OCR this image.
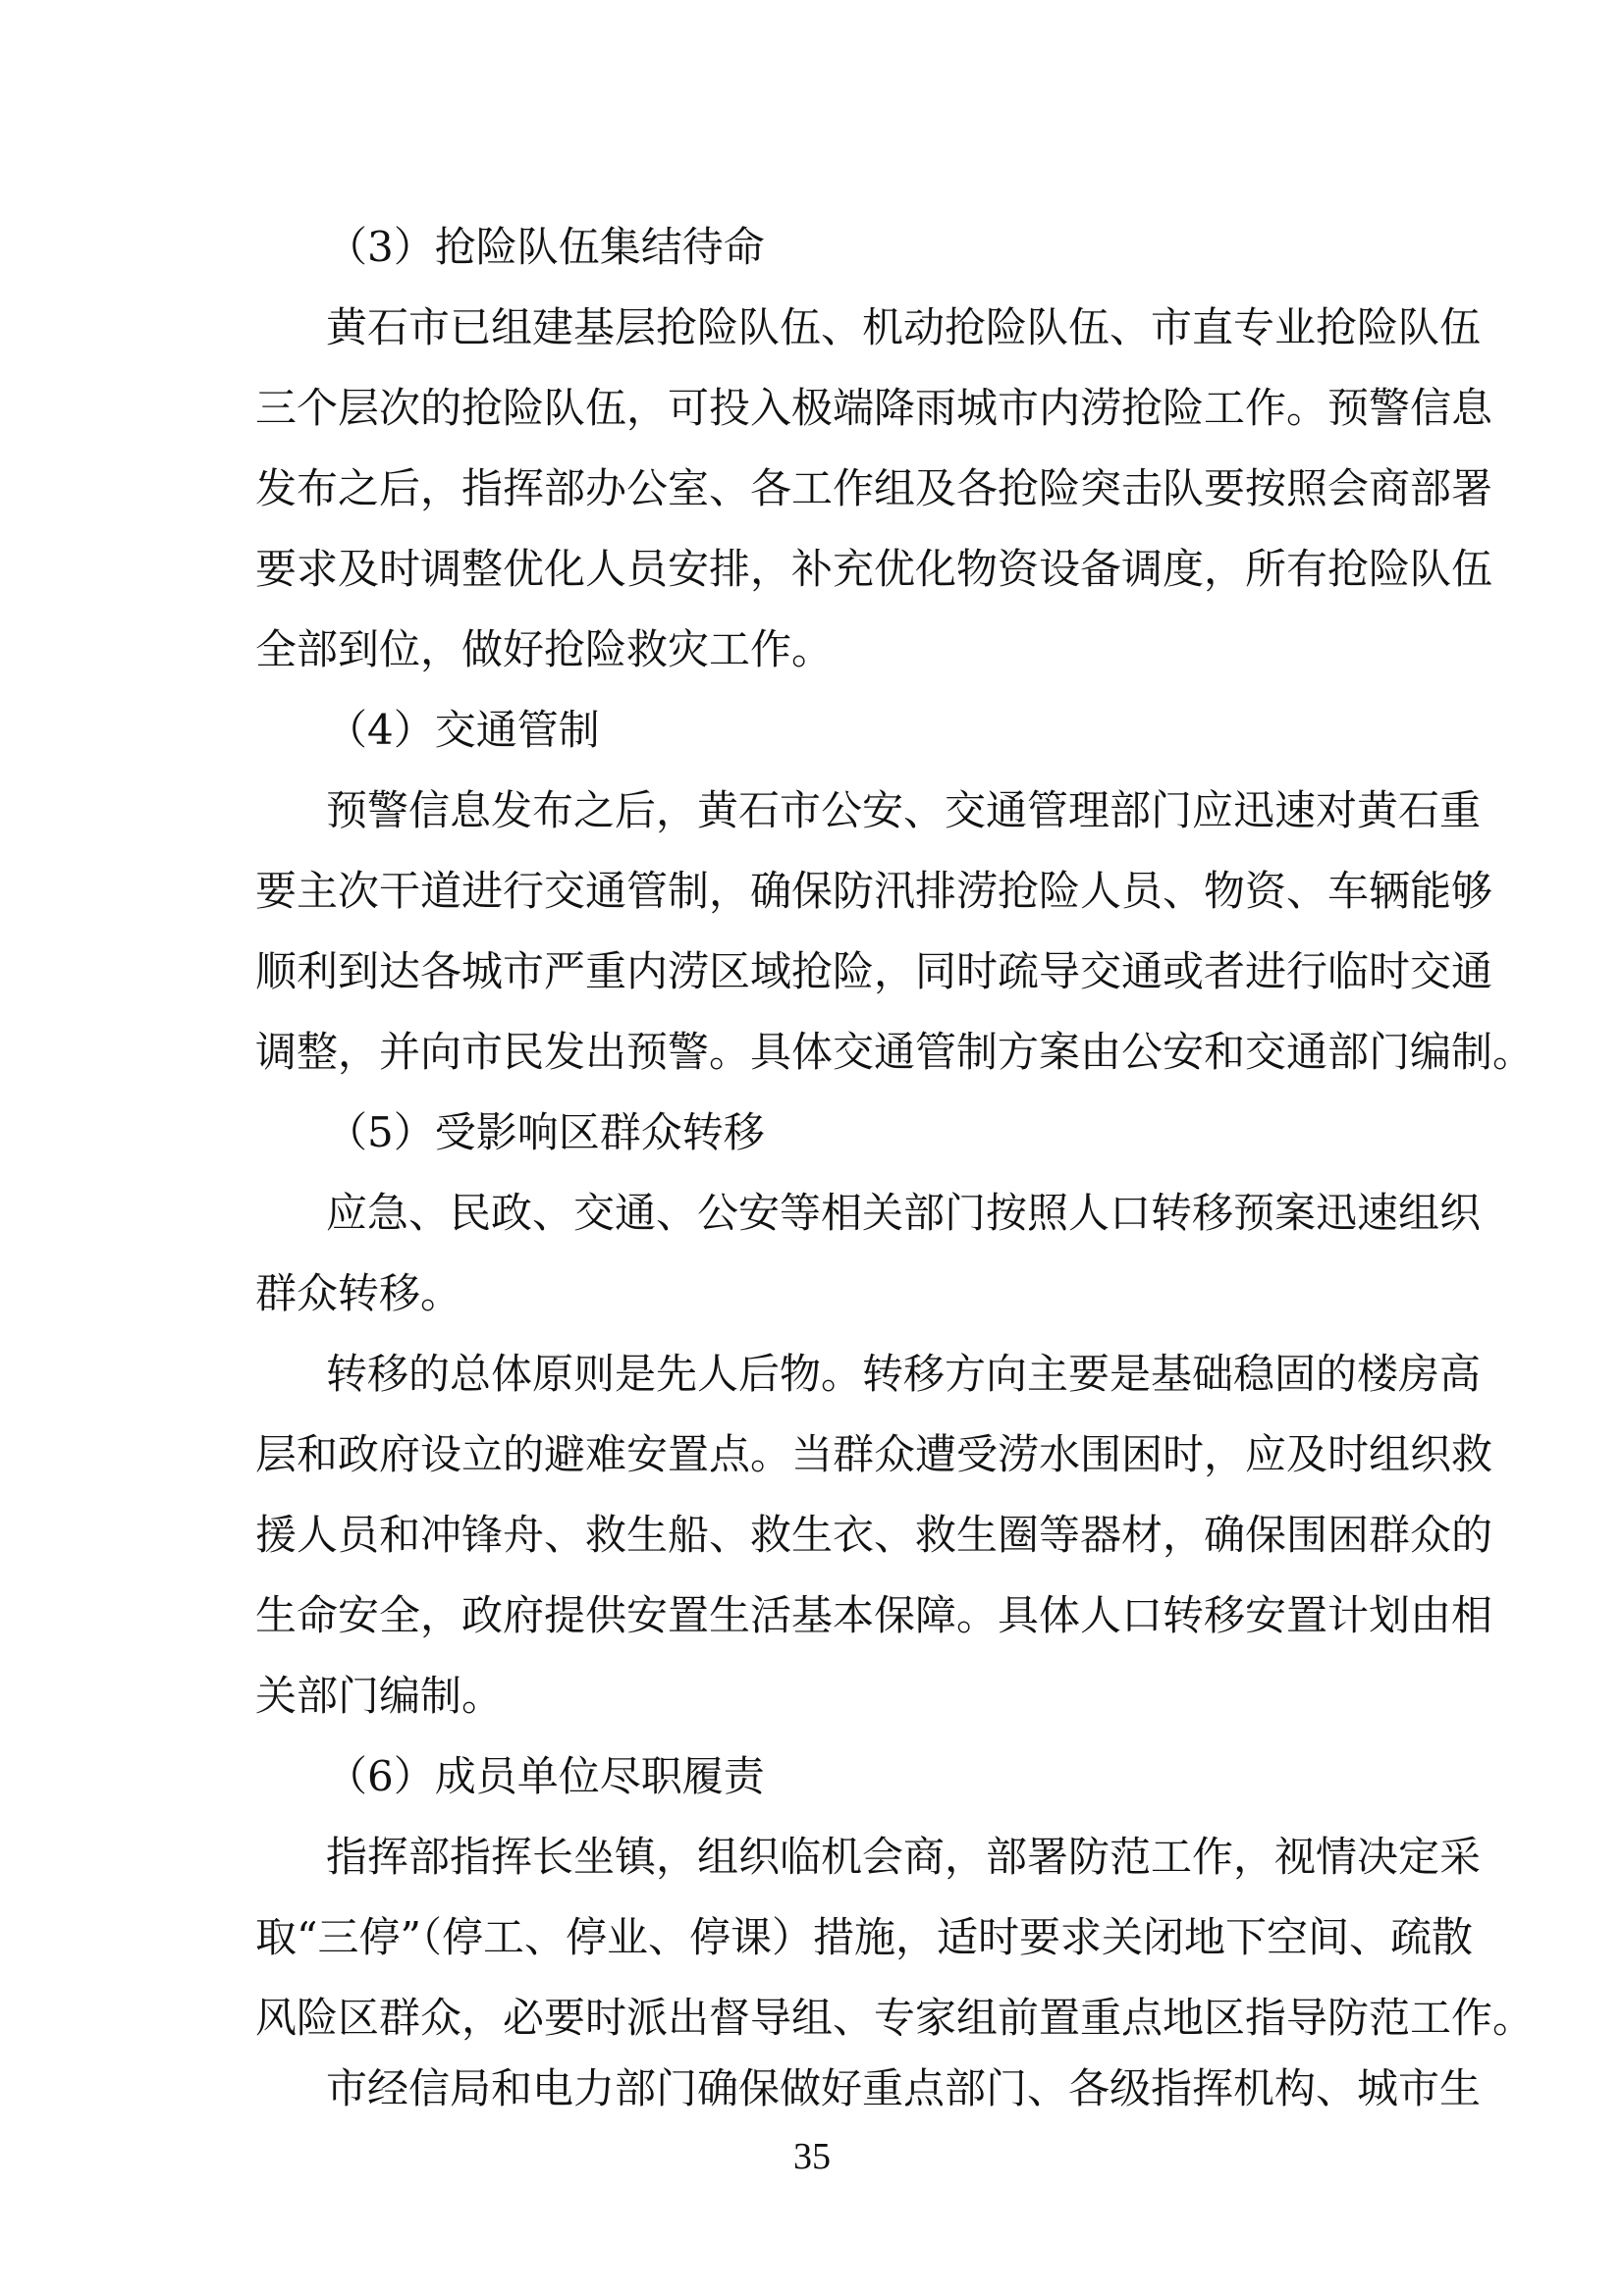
（3）抢险队伍集结待命
黄石市已组建基层抢险队伍、机动抢险队伍、市直专业抢险队伍
三个层次的抢险队伍，可投入极端降雨城市内涝抢险工作。预警信息
发布之后，指挥部办公室、各工作组及各抢险突击队要按照会商部署
要求及时调整优化人员安排，补充优化物资设备调度，所有抢险队伍
全部到位，做好抢险救灾工作。
（4）交通管制
预警信息发布之后，黄石市公安、交通管理部门应迅速对黄石重
要主次干道进行交通管制，确保防汛排涝抢险人员、物资、车辆能够
顺利到达各城市严重内涝区域抢险，同时疏导交通或者进行临时交通
调整，并向市民发出预警。具体交通管制方案由公安和交通部门编制。
（5）受影响区群众转移
应急、民政、交通、公安等相关部门按照人口转移预案迅速组织
群众转移。
转移的总体原则是先人后物。转移方向主要是基础稳固的楼房高
层和政府设立的避难安置点。当群众遭受涝水围困时，应及时组织救
援人员和冲锋舟、救生船、救生衣、救生圈等器材，确保围困群众的
生命安全，政府提供安置生活基本保障。具体人口转移安置计划由相
关部门编制。
（6）成员单位尽职履责
指挥部指挥长坐镇，组织临机会商，部署防范工作，视情决定采
取“三停”（停工、停业、停课）措施，适时要求关闭地下空间、疏散
风险区群众，必要时派出督导组、专家组前置重点地区指导防范工作。
市经信局和电力部门确保做好重点部门、各级指挥机构、城市生
35
